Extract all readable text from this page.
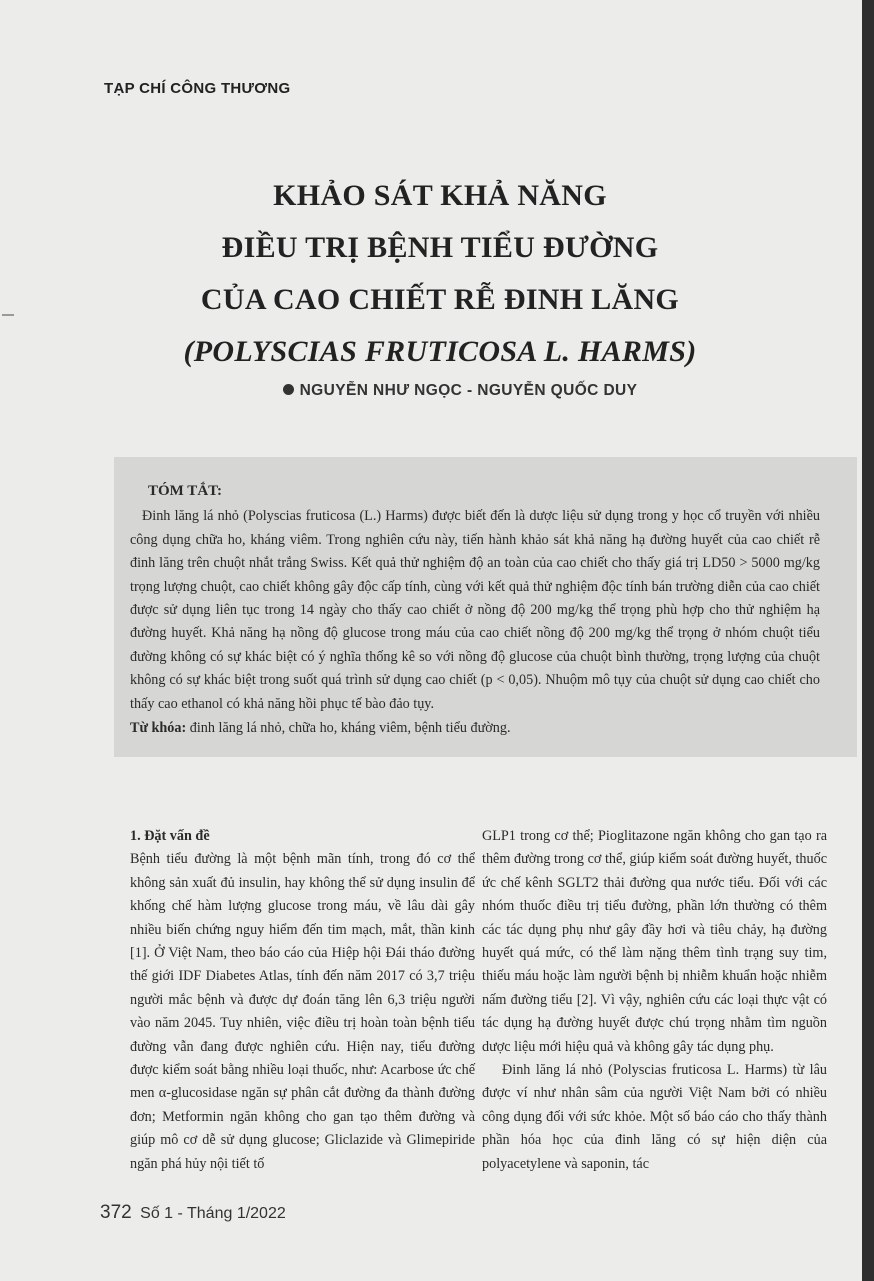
TẠP CHÍ CÔNG THƯƠNG
KHẢO SÁT KHẢ NĂNG
ĐIỀU TRỊ BỆNH TIỂU ĐƯỜNG
CỦA CAO CHIẾT RỄ ĐINH LĂNG
(POLYSCIAS FRUTICOSA L. HARMS)
NGUYỄN NHƯ NGỌC - NGUYỄN QUỐC DUY
TÓM TẮT:
Đinh lăng lá nhỏ (Polyscias fruticosa (L.) Harms) được biết đến là dược liệu sử dụng trong y học cổ truyền với nhiều công dụng chữa ho, kháng viêm. Trong nghiên cứu này, tiến hành khảo sát khả năng hạ đường huyết của cao chiết rễ đinh lăng trên chuột nhắt trắng Swiss. Kết quả thử nghiệm độ an toàn của cao chiết cho thấy giá trị LD50 > 5000 mg/kg trọng lượng chuột, cao chiết không gây độc cấp tính, cùng với kết quả thử nghiệm độc tính bán trường diễn của cao chiết được sử dụng liên tục trong 14 ngày cho thấy cao chiết ở nồng độ 200 mg/kg thể trọng phù hợp cho thử nghiệm hạ đường huyết. Khả năng hạ nồng độ glucose trong máu của cao chiết nồng độ 200 mg/kg thể trọng ở nhóm chuột tiểu đường không có sự khác biệt có ý nghĩa thống kê so với nồng độ glucose của chuột bình thường, trọng lượng của chuột không có sự khác biệt trong suốt quá trình sử dụng cao chiết (p < 0,05). Nhuộm mô tụy của chuột sử dụng cao chiết cho thấy cao ethanol có khả năng hồi phục tế bào đảo tụy.
Từ khóa: đinh lăng lá nhỏ, chữa ho, kháng viêm, bệnh tiểu đường.
1. Đặt vấn đề
Bệnh tiểu đường là một bệnh mãn tính, trong đó cơ thể không sản xuất đủ insulin, hay không thể sử dụng insulin để khống chế hàm lượng glucose trong máu, về lâu dài gây nhiều biến chứng nguy hiểm đến tim mạch, mắt, thần kinh [1]. Ở Việt Nam, theo báo cáo của Hiệp hội Đái tháo đường thế giới IDF Diabetes Atlas, tính đến năm 2017 có 3,7 triệu người mắc bệnh và được dự đoán tăng lên 6,3 triệu người vào năm 2045. Tuy nhiên, việc điều trị hoàn toàn bệnh tiểu đường vẫn đang được nghiên cứu. Hiện nay, tiểu đường được kiểm soát bằng nhiều loại thuốc, như: Acarbose ức chế men α-glucosidase ngăn sự phân cắt đường đa thành đường đơn; Metformin ngăn không cho gan tạo thêm đường và giúp mô cơ dễ sử dụng glucose; Gliclazide và Glimepiride ngăn phá hủy nội tiết tố
GLP1 trong cơ thể; Pioglitazone ngăn không cho gan tạo ra thêm đường trong cơ thể, giúp kiểm soát đường huyết, thuốc ức chế kênh SGLT2 thải đường qua nước tiểu. Đối với các nhóm thuốc điều trị tiểu đường, phần lớn thường có thêm các tác dụng phụ như gây đầy hơi và tiêu chảy, hạ đường huyết quá mức, có thể làm nặng thêm tình trạng suy tim, thiếu máu hoặc làm người bệnh bị nhiễm khuẩn hoặc nhiễm nấm đường tiểu [2]. Vì vậy, nghiên cứu các loại thực vật có tác dụng hạ đường huyết được chú trọng nhằm tìm nguồn dược liệu mới hiệu quả và không gây tác dụng phụ.
Đinh lăng lá nhỏ (Polyscias fruticosa L. Harms) từ lâu được ví như nhân sâm của người Việt Nam bởi có nhiều công dụng đối với sức khỏe. Một số báo cáo cho thấy thành phần hóa học của đinh lăng có sự hiện diện của polyacetylene và saponin, tác
372 Số 1 - Tháng 1/2022
